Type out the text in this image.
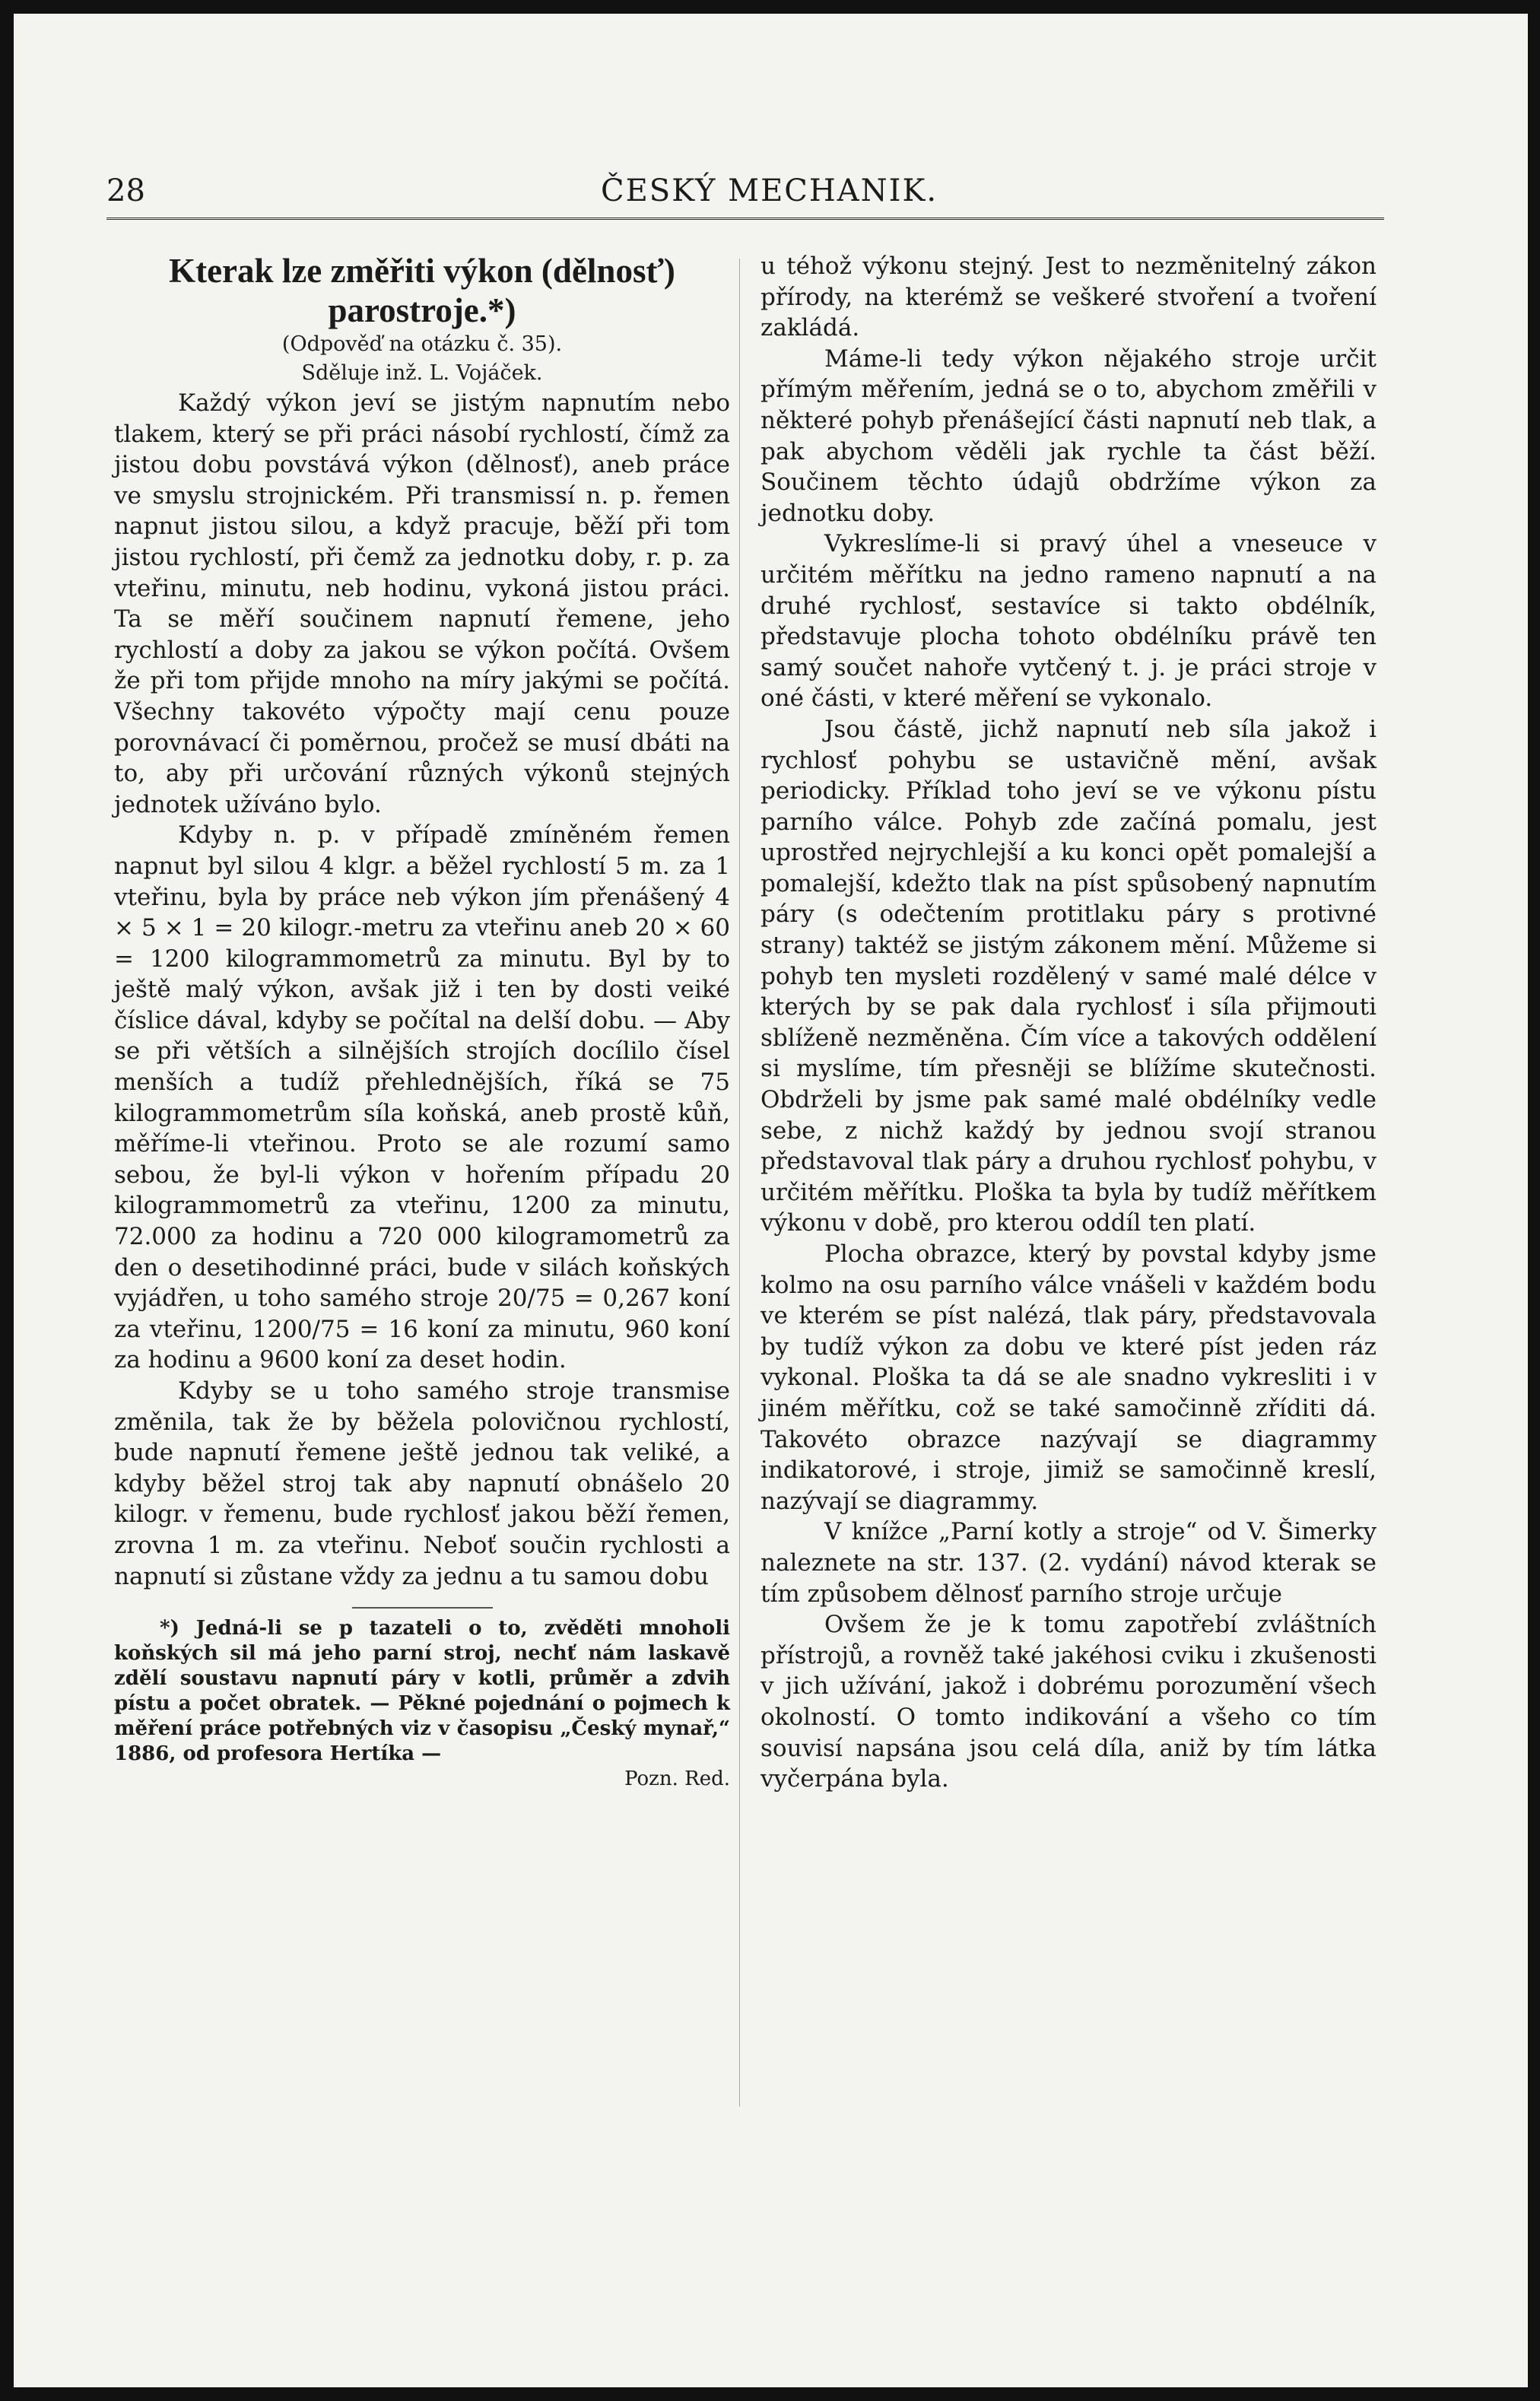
28	ČESKÝ MECHANIK.
Kterak lze změřiti výkon (dělnosť) parostroje.*)

(Odpověď na otázku č. 35).

Sděluje inž. L. Vojáček.

Každý výkon jeví se jistým napnutím nebo tlakem, který se při práci násobí rychlostí, čímž za jistou dobu povstává výkon (dělnosť), aneb práce ve smyslu strojnickém. Při transmissí n. p. řemen napnut jistou silou, a když pracuje, běží při tom jistou rychlostí, při čemž za jednotku doby, r. p. za vteřinu, minutu, neb hodinu, vykoná jistou práci. Ta se měří součinem napnutí řemene, jeho rychlostí a doby za jakou se výkon počítá. Ovšem že při tom přijde mnoho na míry jakými se počítá. Všechny takovéto výpočty mají cenu pouze porovnávací či poměrnou, pročež se musí dbáti na to, aby při určování různých výkonů stejných jednotek užíváno bylo.

Kdyby n. p. v případě zmíněném řemen napnut byl silou 4 klgr. a běžel rychlostí 5 m. za 1 vteřinu, byla by práce neb výkon jím přenášený 4 × 5 × 1 = 20 kilogr.-metru za vteřinu aneb 20 × 60 = 1200 kilogrammometrů za minutu. Byl by to ještě malý výkon, avšak již i ten by dosti veiké číslice dával, kdyby se počítal na delší dobu. — Aby se při větších a silnějších strojích docílilo čísel menších a tudíž přehlednějších, říká se 75 kilogrammometrům síla koňská, aneb prostě kůň, měříme-li vteřinou. Proto se ale rozumí samo sebou, že byl-li výkon v hořením případu 20 kilogrammometrů za vteřinu, 1200 za minutu, 72.000 za hodinu a 720 000 kilogramometrů za den o desetihodinné práci, bude v silách koňských vyjádřen, u toho samého stroje 20/75 = 0,267 koní za vteřinu, 1200/75 = 16 koní za minutu, 960 koní za hodinu a 9600 koní za deset hodin.

Kdyby se u toho samého stroje transmise změnila, tak že by běžela polovičnou rychlostí, bude napnutí řemene ještě jednou tak veliké, a kdyby běžel stroj tak aby napnutí obnášelo 20 kilogr. v řemenu, bude rychlosť jakou běží řemen, zrovna 1 m. za vteřinu. Neboť součin rychlosti a napnutí si zůstane vždy za jednu a tu samou dobu

*) Jedná-li se p tazateli o to, zvěděti mnoholi koňských sil má jeho parní stroj, nechť nám laskavě zdělí soustavu napnutí páry v kotli, průměr a zdvih pístu a počet obratek. — Pěkné pojednání o pojmech k měření práce potřebných viz v časopisu „Český mynař,“ 1886, od profesora Hertíka —

Pozn. Red.

u téhož výkonu stejný. Jest to nezměnitelný zákon přírody, na kterémž se veškeré stvoření a tvoření zakládá.

Máme-li tedy výkon nějakého stroje určit přímým měřením, jedná se o to, abychom změřili v některé pohyb přenášející části napnutí neb tlak, a pak abychom věděli jak rychle ta část běží. Součinem těchto údajů obdržíme výkon za jednotku doby.

Vykreslíme-li si pravý úhel a vneseuce v určitém měřítku na jedno rameno napnutí a na druhé rychlosť, sestavíce si takto obdélník, představuje plocha tohoto obdélníku právě ten samý součet nahoře vytčený t. j. je práci stroje v oné části, v které měření se vykonalo.

Jsou částě, jichž napnutí neb síla jakož i rychlosť pohybu se ustavičně mění, avšak periodicky. Příklad toho jeví se ve výkonu pístu parního válce. Pohyb zde začíná pomalu, jest uprostřed nejrychlejší a ku konci opět pomalejší a pomalejší, kdežto tlak na píst spůsobený napnutím páry (s odečtením protitlaku páry s protivné strany) taktéž se jistým zákonem mění. Můžeme si pohyb ten mysleti rozdělený v samé malé délce v kterých by se pak dala rychlosť i síla přijmouti sblíženě nezměněna. Čím více a takových oddělení si myslíme, tím přesněji se blížíme skutečnosti. Obdrželi by jsme pak samé malé obdélníky vedle sebe, z nichž každý by jednou svojí stranou představoval tlak páry a druhou rychlosť pohybu, v určitém měřítku. Ploška ta byla by tudíž měřítkem výkonu v době, pro kterou oddíl ten platí.

Plocha obrazce, který by povstal kdyby jsme kolmo na osu parního válce vnášeli v každém bodu ve kterém se píst nalézá, tlak páry, představovala by tudíž výkon za dobu ve které píst jeden ráz vykonal. Ploška ta dá se ale snadno vykresliti i v jiném měřítku, což se také samočinně zříditi dá. Takovéto obrazce nazývají se diagrammy indikatorové, i stroje, jimiž se samočinně kreslí, nazývají se diagrammy.

V knížce „Parní kotly a stroje“ od V. Šimerky naleznete na str. 137. (2. vydání) návod kterak se tím způsobem dělnosť parního stroje určuje

Ovšem že je k tomu zapotřebí zvláštních přístrojů, a rovněž také jakéhosi cviku i zkušenosti v jich užívání, jakož i dobrému porozumění všech okolností. O tomto indikování a všeho co tím souvisí napsána jsou celá díla, aniž by tím látka vyčerpána byla.
